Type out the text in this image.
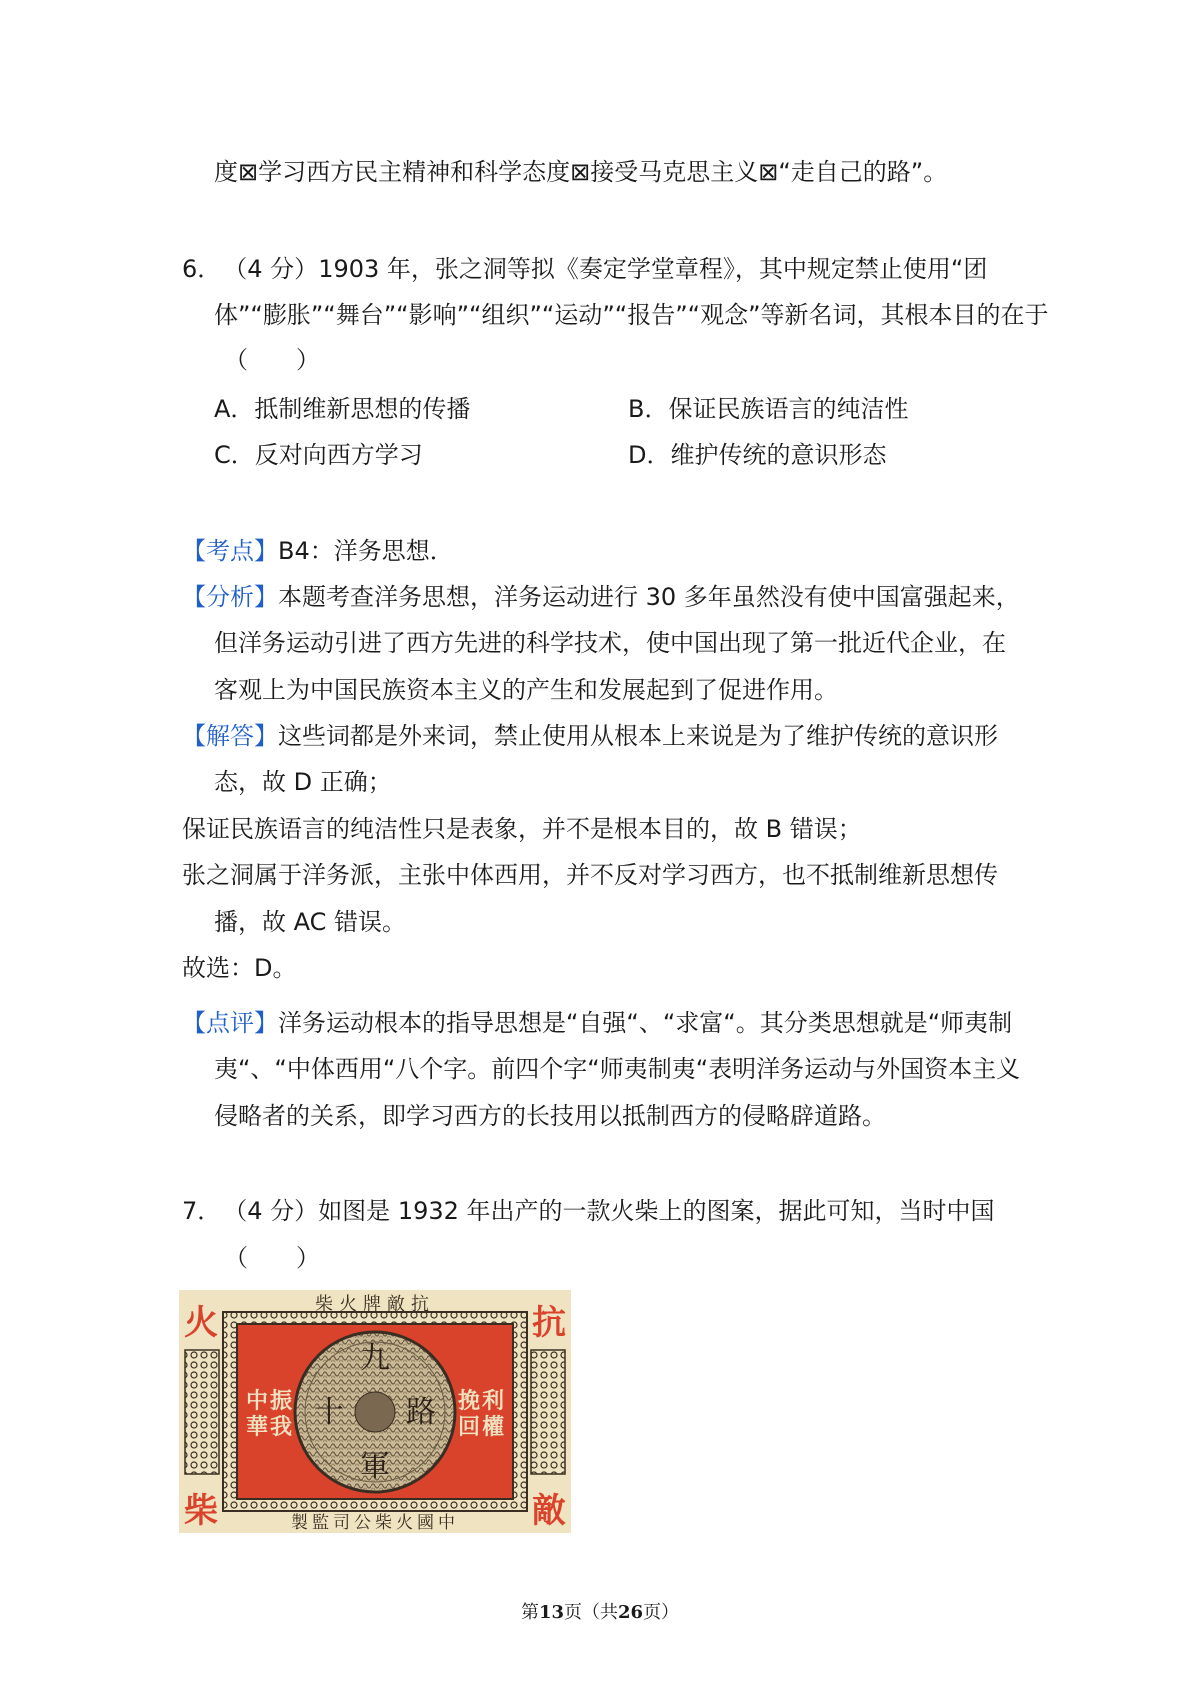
度⊠学习西方民主精神和科学态度⊠接受马克思主义⊠“走自己的路”。
6． （4 分）1903 年，张之洞等拟《奏定学堂章程》，其中规定禁止使用“团
体”“膨胀”“舞台”“影响”“组织”“运动”“报告”“观念”等新名词，其根本目的在于
（　　）
A．抵制维新思想的传播	B．保证民族语言的纯洁性
C．反对向西方学习	D．维护传统的意识形态
【考点】B4：洋务思想．
【分析】本题考查洋务思想，洋务运动进行 30 多年虽然没有使中国富强起来，
但洋务运动引进了西方先进的科学技术，使中国出现了第一批近代企业，在
客观上为中国民族资本主义的产生和发展起到了促进作用。
【解答】这些词都是外来词，禁止使用从根本上来说是为了维护传统的意识形
态，故 D 正确；
保证民族语言的纯洁性只是表象，并不是根本目的，故 B 错误；
张之洞属于洋务派，主张中体西用，并不反对学习西方，也不抵制维新思想传
播，故 AC 错误。
故选：D。
【点评】洋务运动根本的指导思想是“自强“、“求富“。其分类思想就是“师夷制
夷“、“中体西用“八个字。前四个字“师夷制夷“表明洋务运动与外国资本主义
侵略者的关系，即学习西方的长技用以抵制西方的侵略辟道路。
7． （4 分）如图是 1932 年出产的一款火柴上的图案，据此可知，当时中国
（　　）
柴火牌敵抗
製監司公柴火國中
火	抗
柴	敵
振
中
我
華
挽 利
回 權
九
十 路
軍
第13页（共26页）
